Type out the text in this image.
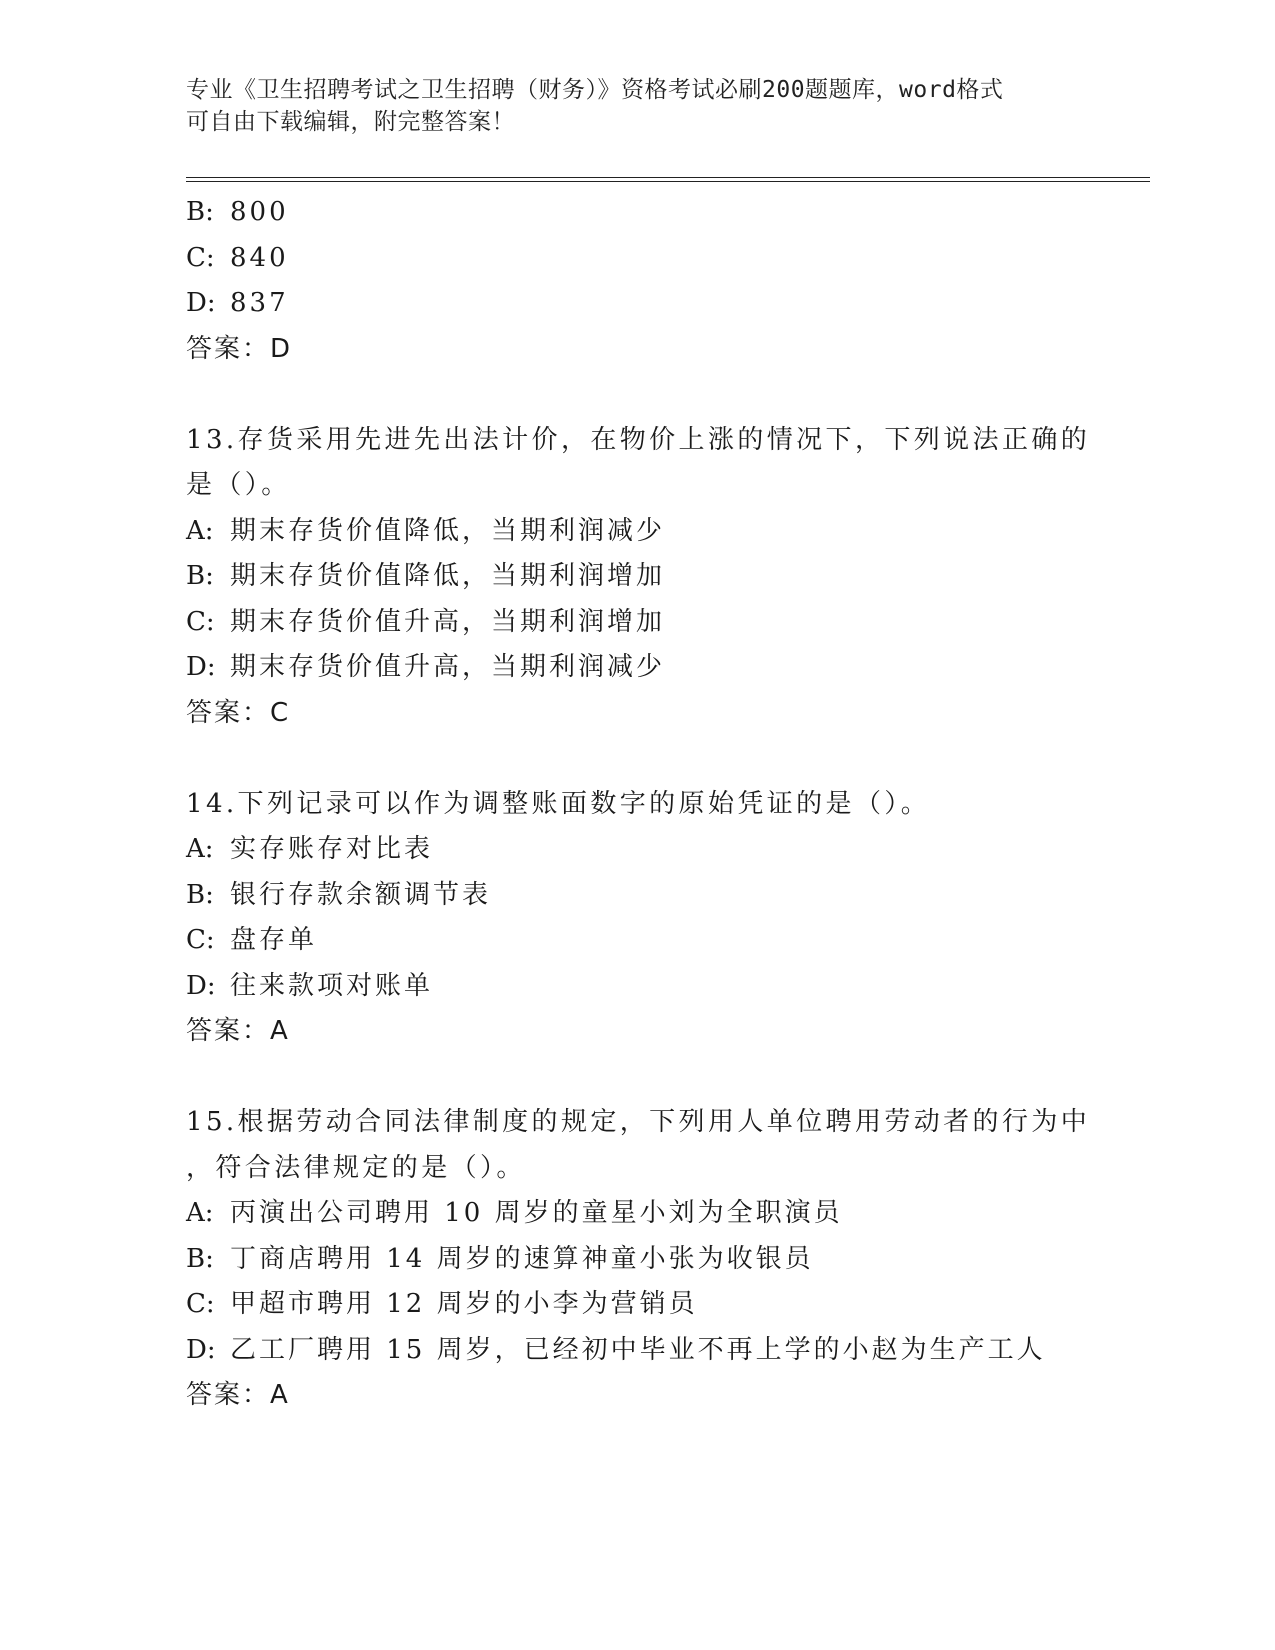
专业《卫生招聘考试之卫生招聘（财务）》资格考试必刷200题题库，word格式
可自由下载编辑，附完整答案！
B: 800
C: 840
D: 837
答案：D
13.存货采用先进先出法计价，在物价上涨的情况下，下列说法正确的
是（）。
A: 期末存货价值降低，当期利润减少
B: 期末存货价值降低，当期利润增加
C: 期末存货价值升高，当期利润增加
D: 期末存货价值升高，当期利润减少
答案：C
14.下列记录可以作为调整账面数字的原始凭证的是（）。
A: 实存账存对比表
B: 银行存款余额调节表
C: 盘存单
D: 往来款项对账单
答案：A
15.根据劳动合同法律制度的规定，下列用人单位聘用劳动者的行为中
，符合法律规定的是（）。
A: 丙演出公司聘用 10 周岁的童星小刘为全职演员
B: 丁商店聘用 14 周岁的速算神童小张为收银员
C: 甲超市聘用 12 周岁的小李为营销员
D: 乙工厂聘用 15 周岁，已经初中毕业不再上学的小赵为生产工人
答案：A
